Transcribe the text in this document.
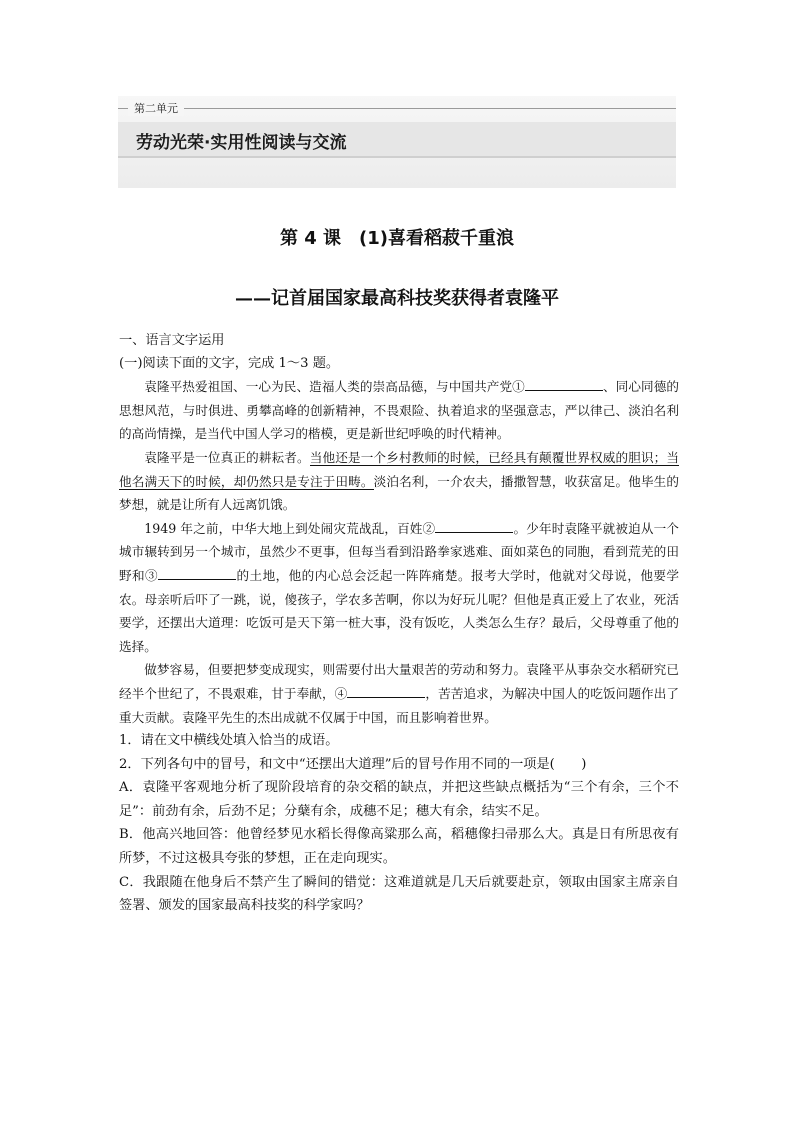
第二单元
劳动光荣·实用性阅读与交流
第 4 课　(1)喜看稻菽千重浪
——记首届国家最高科技奖获得者袁隆平

一、语言文字运用

(一)阅读下面的文字，完成 1～3 题。

袁隆平热爱祖国、一心为民、造福人类的崇高品德，与中国共产党①	、同心同德的思想风范，与时俱进、勇攀高峰的创新精神，不畏艰险、执着追求的坚强意志，严以律己、淡泊名利的高尚情操，是当代中国人学习的楷模，更是新世纪呼唤的时代精神。

袁隆平是一位真正的耕耘者。当他还是一个乡村教师的时候，已经具有颠覆世界权威的胆识；当他名满天下的时候，却仍然只是专注于田畴。淡泊名利，一介农夫，播撒智慧，收获富足。他毕生的梦想，就是让所有人远离饥饿。

1949 年之前，中华大地上到处闹灾荒战乱，百姓②	。少年时袁隆平就被迫从一个城市辗转到另一个城市，虽然少不更事，但每当看到沿路拳家逃难、面如菜色的同胞，看到荒芜的田野和③	的土地，他的内心总会泛起一阵阵痛楚。报考大学时，他就对父母说，他要学农。母亲听后吓了一跳，说，傻孩子，学农多苦啊，你以为好玩儿呢？但他是真正爱上了农业，死活要学，还摆出大道理：吃饭可是天下第一桩大事，没有饭吃，人类怎么生存？最后，父母尊重了他的选择。

做梦容易，但要把梦变成现实，则需要付出大量艰苦的劳动和努力。袁隆平从事杂交水稻研究已经半个世纪了，不畏艰难，甘于奉献，④	，苦苦追求，为解决中国人的吃饭问题作出了重大贡献。袁隆平先生的杰出成就不仅属于中国，而且影响着世界。

1．请在文中横线处填入恰当的成语。

2．下列各句中的冒号，和文中“还摆出大道理”后的冒号作用不同的一项是(　　)

A．袁隆平客观地分析了现阶段培育的杂交稻的缺点，并把这些缺点概括为“三个有余，三个不足”：前劲有余，后劲不足；分蘖有余，成穗不足；穗大有余，结实不足。

B．他高兴地回答：他曾经梦见水稻长得像高粱那么高，稻穗像扫帚那么大。真是日有所思夜有所梦，不过这极具夸张的梦想，正在走向现实。

C．我跟随在他身后不禁产生了瞬间的错觉：这难道就是几天后就要赴京，领取由国家主席亲自签署、颁发的国家最高科技奖的科学家吗？
